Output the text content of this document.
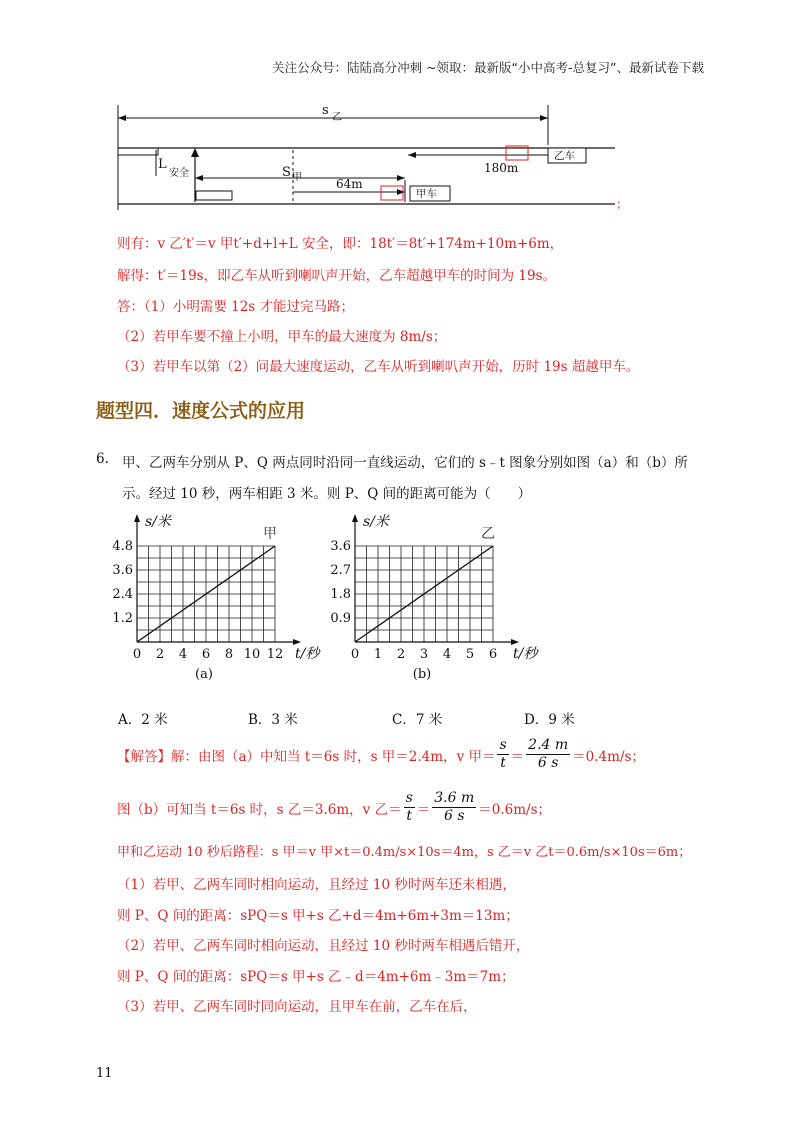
关注公众号：陆陆高分冲刺 ~领取：最新版“小中高考-总复习”、最新试卷下载
s 乙
L
安全	S 甲	64m
甲车
180m
乙车
；
则有：v 乙′t′＝v 甲t′+d+l+L 安全，即：18t′＝8t′+174m+10m+6m，
解得：t′＝19s，即乙车从听到喇叭声开始，乙车超越甲车的时间为 19s。
答：（1）小明需要 12s 才能过完马路；
（2）若甲车要不撞上小明，甲车的最大速度为 8m/s；
（3）若甲车以第（2）问最大速度运动，乙车从听到喇叭声开始，历时 19s 超越甲车。
题型四．速度公式的应用
6. 甲、乙两车分别从 P、Q 两点同时沿同一直线运动，它们的 s﹣t 图象分别如图（a）和（b）所
示。经过 10 秒，两车相距 3 米。则 P、Q 间的距离可能为（　　）
0 2 4 6 8 10 12
1.2
2.4
3.6
4.8
甲
s/米
t/秒
(a)
0 1 2 3 4 5 6
0.9
1.8
2.7
3.6
乙
s/米
t/秒
(b)
A．2 米	B．3 米	C．7 米	D．9 米
【解答】 解：由图（a）中知当 t＝6s 时，s 甲＝2.4m，v 甲＝ $\frac{s}{t} = \frac{2.4 m}{6 s} =0.4m/s$；
图（b）可知当 t＝6s 时，s 乙＝3.6m，v 乙＝ $\frac{s}{t} = \frac{3.6 m}{6 s} =0.6m/s$；
甲和乙运动 10 秒后路程：s 甲＝v 甲×t＝0.4m/s×10s＝4m，s 乙＝v 乙t＝0.6m/s×10s＝6m；
（1）若甲、乙两车同时相向运动，且经过 10 秒时两车还未相遇，
则 P、Q 间的距离：sPQ＝s 甲+s 乙+d＝4m+6m+3m＝13m；
（2）若甲、乙两车同时相向运动，且经过 10 秒时两车相遇后错开，
则 P、Q 间的距离：sPQ＝s 甲+s 乙﹣d＝4m+6m﹣3m＝7m；
（3）若甲、乙两车同时同向运动，且甲车在前，乙车在后，
11
